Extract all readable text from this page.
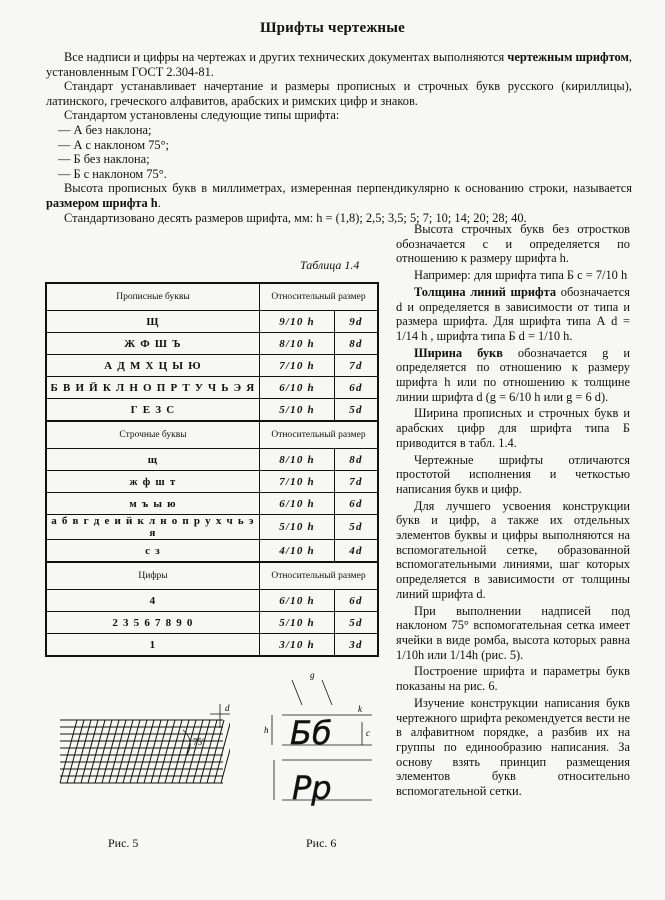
Шрифты чертежные

Все надписи и цифры на чертежах и других технических документах выполняются чертежным шрифтом, установленным ГОСТ 2.304-81.

Стандарт устанавливает начертание и размеры прописных и строчных букв русского (кириллицы), латинского, греческого алфавитов, арабских и римских цифр и знаков.

Стандартом установлены следующие типы шрифта:

— А без наклона;
— А с наклоном 75°;
— Б без наклона;
— Б с наклоном 75°.

Высота прописных букв в миллиметрах, измеренная перпендикулярно к основанию строки, называется размером шрифта h.

Стандартизовано десять размеров шрифта, мм: h = (1,8); 2,5; 3,5; 5; 7; 10; 14; 20; 28; 40.

Таблица 1.4
Прописные буквы	Относительный размер	
Щ	9/10 h	9d
Ж Ф Ш Ъ	8/10 h	8d
А Д М Х Ц Ы Ю	7/10 h	7d
Б В И Й К Л Н О П Р Т У Ч Ь Э Я	6/10 h	6d
Г Е З С	5/10 h	5d
Строчные буквы	Относительный размер	
щ	8/10 h	8d
ж ф ш т	7/10 h	7d
м ъ ы ю	6/10 h	6d
а б в г д е и й к л н о п р у х ч ь э я	5/10 h	5d
с з	4/10 h	4d
Цифры	Относительный размер	
4	6/10 h	6d
2 3 5 6 7 8 9 0	5/10 h	5d
1	3/10 h	3d

Высота строчных букв без отростков обозначается c и определяется по отношению к размеру шрифта h.

Например: для шрифта типа Б c = 7/10 h

Толщина линий шрифта обозначается d и определяется в зависимости от типа и размера шрифта. Для шрифта типа А d = 1/14 h , шрифта типа Б d = 1/10 h.

Ширина букв обозначается g и определяется по отношению к размеру шрифта h или по отношению к толщине линии шрифта d (g = 6/10 h или g = 6 d).

Ширина прописных и строчных букв и арабских цифр для шрифта типа Б приводится в табл. 1.4.

Чертежные шрифты отличаются простотой исполнения и четкостью написания букв и цифр.

Для лучшего усвоения конструкции букв и цифр, а также их отдельных элементов буквы и цифры выполняются на вспомогательной сетке, образованной вспомогательными линиями, шаг которых определяется в зависимости от толщины линий шрифта d.

При выполнении надписей под наклоном 75° вспомогательная сетка имеет ячейки в виде ромба, высота которых равна 1/10h или 1/14h (рис. 5).

Построение шрифта и параметры букв показаны на рис. 6.

Изучение конструкции написания букв чертежного шрифта рекомендуется вести не в алфавитном порядке, а разбив их на группы по единообразию написания. За основу взять принцип размещения элементов букв относительно вспомогательной сетки.

d
75°
Рис. 5
Бб
Рр
g
h	c
k
Рис. 6
